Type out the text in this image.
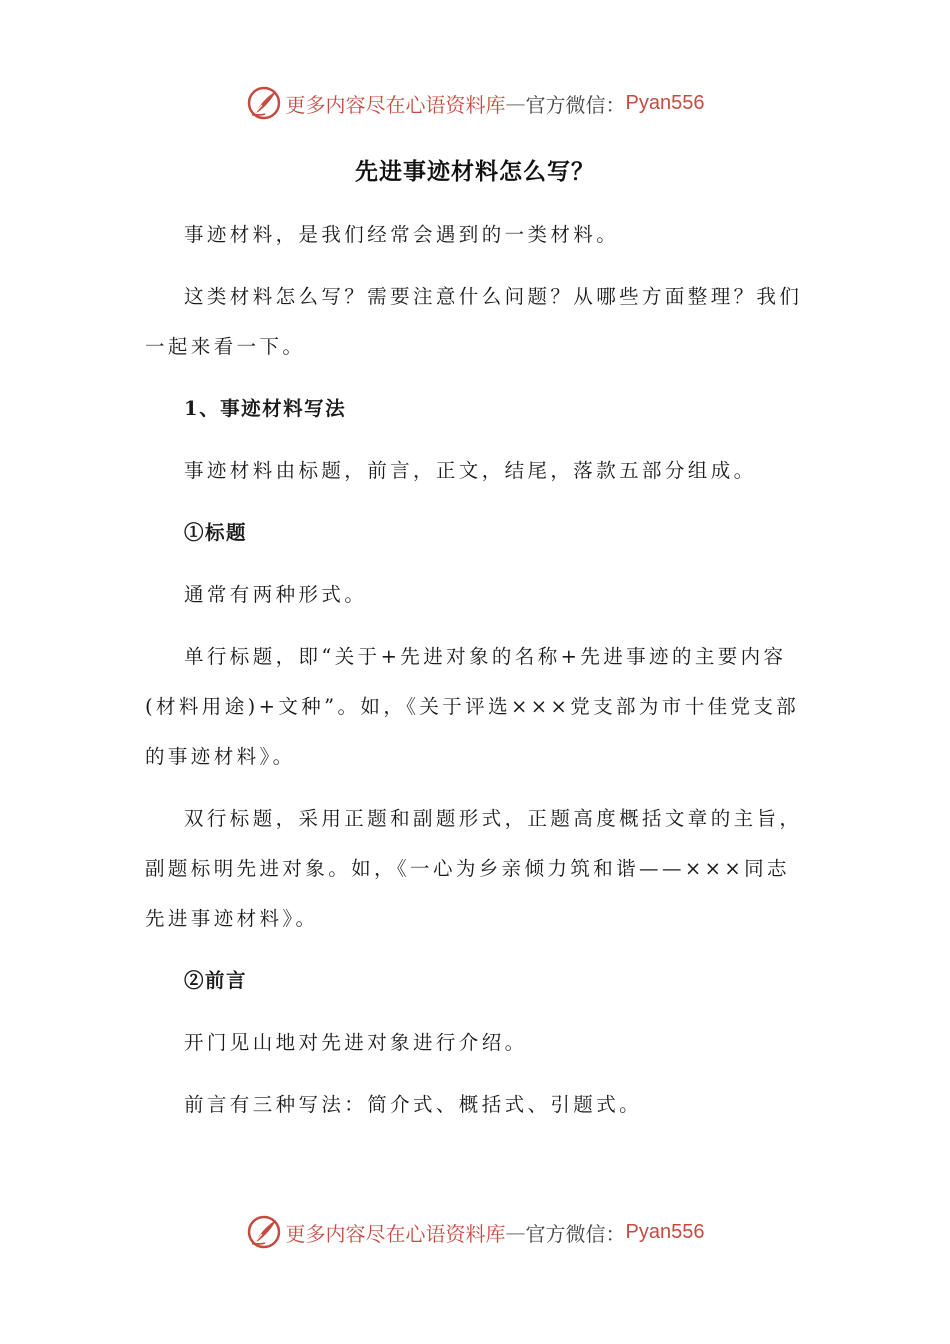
更多内容尽在心语资料库 — 官方微信： Pyan556
先进事迹材料怎么写？

事迹材料，是我们经常会遇到的一类材料。

这类材料怎么写？需要注意什么问题？从哪些方面整理？我们一起来看一下。

1、事迹材料写法

事迹材料由标题，前言，正文，结尾，落款五部分组成。

①标题

通常有两种形式。

单行标题，即“关于+先进对象的名称+先进事迹的主要内容(材料用途)+文种”。如，《关于评选×××党支部为市十佳党支部的事迹材料》。

双行标题，采用正题和副题形式，正题高度概括文章的主旨，副题标明先进对象。如，《一心为乡亲倾力筑和谐——×××同志先进事迹材料》。

②前言

开门见山地对先进对象进行介绍。

前言有三种写法：简介式、概括式、引题式。

更多内容尽在心语资料库 — 官方微信： Pyan556
